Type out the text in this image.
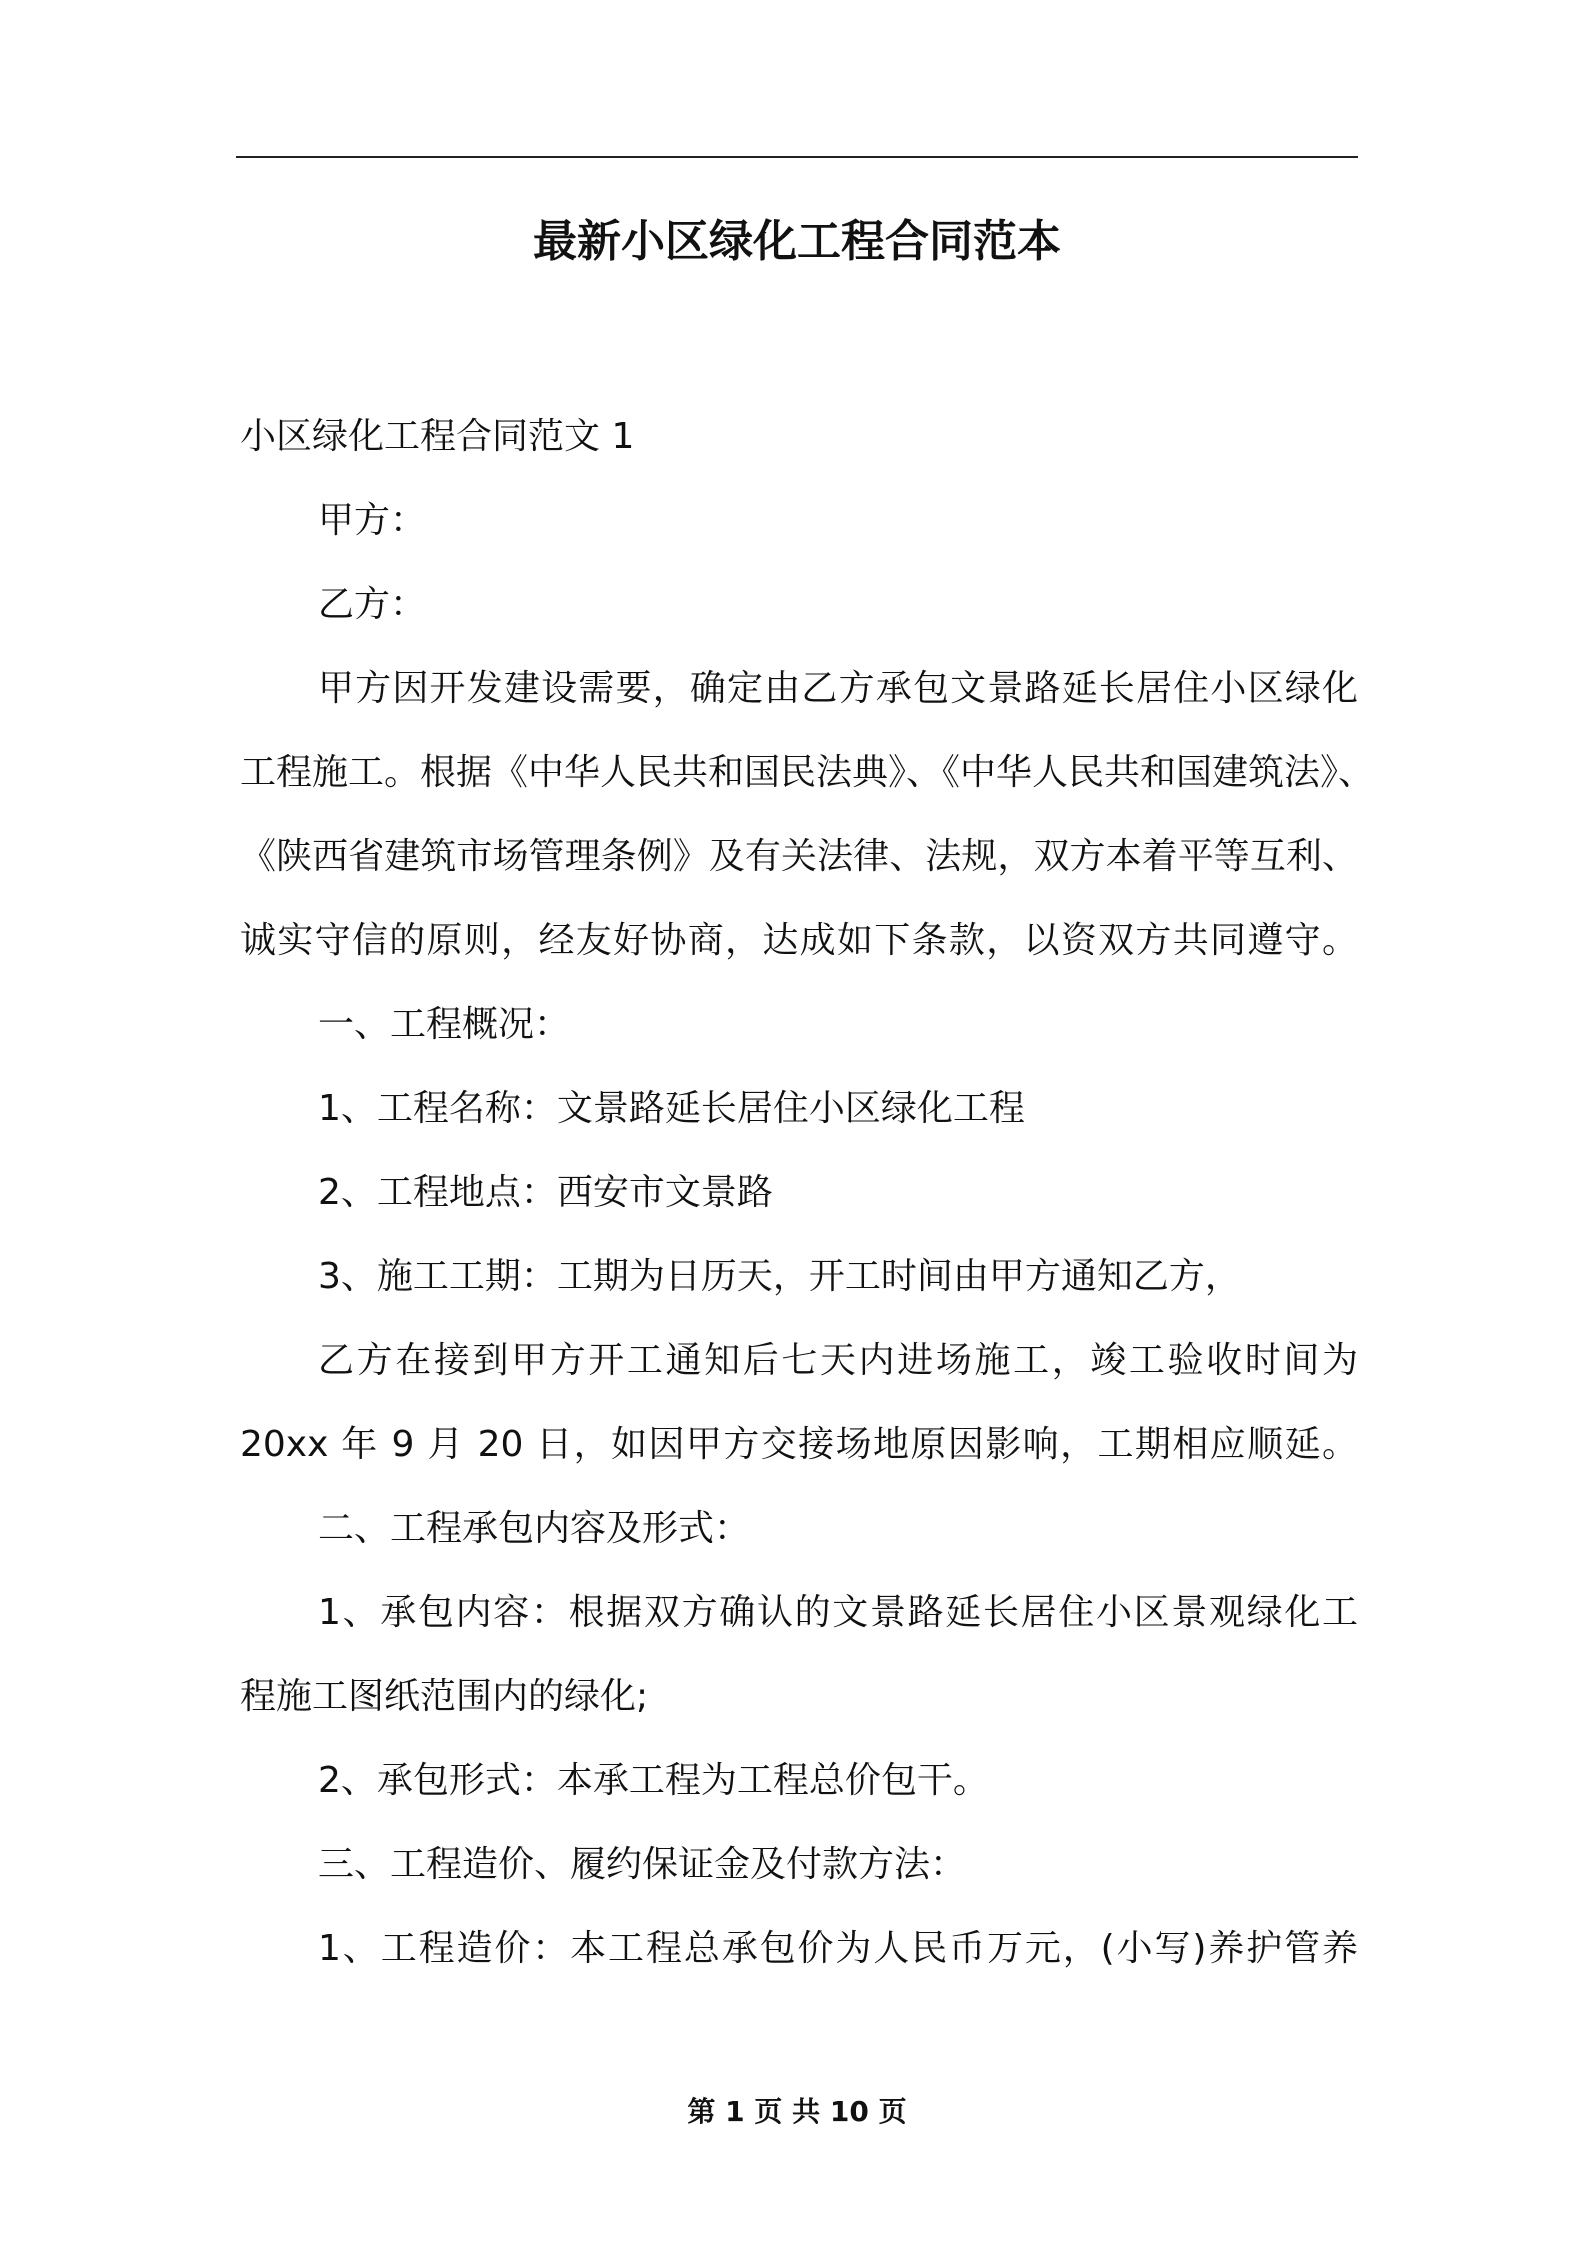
最新小区绿化工程合同范本
小区绿化工程合同范文 1
甲方：
乙方：
甲方因开发建设需要，确定由乙方承包文景路延长居住小区绿化
工程施工。根据《中华人民共和国民法典》、《中华人民共和国建筑法》、
《陕西省建筑市场管理条例》及有关法律、法规，双方本着平等互利、
诚实守信的原则，经友好协商，达成如下条款，以资双方共同遵守。
一、工程概况：
1、工程名称：文景路延长居住小区绿化工程
2、工程地点：西安市文景路
3、施工工期：工期为日历天，开工时间由甲方通知乙方，
乙方在接到甲方开工通知后七天内进场施工，竣工验收时间为
20xx 年 9 月 20 日，如因甲方交接场地原因影响，工期相应顺延。
二、工程承包内容及形式：
1、承包内容：根据双方确认的文景路延长居住小区景观绿化工
程施工图纸范围内的绿化;
2、承包形式：本承工程为工程总价包干。
三、工程造价、履约保证金及付款方法：
1、工程造价：本工程总承包价为人民币万元，(小写)养护管养
第 1 页 共 10 页
